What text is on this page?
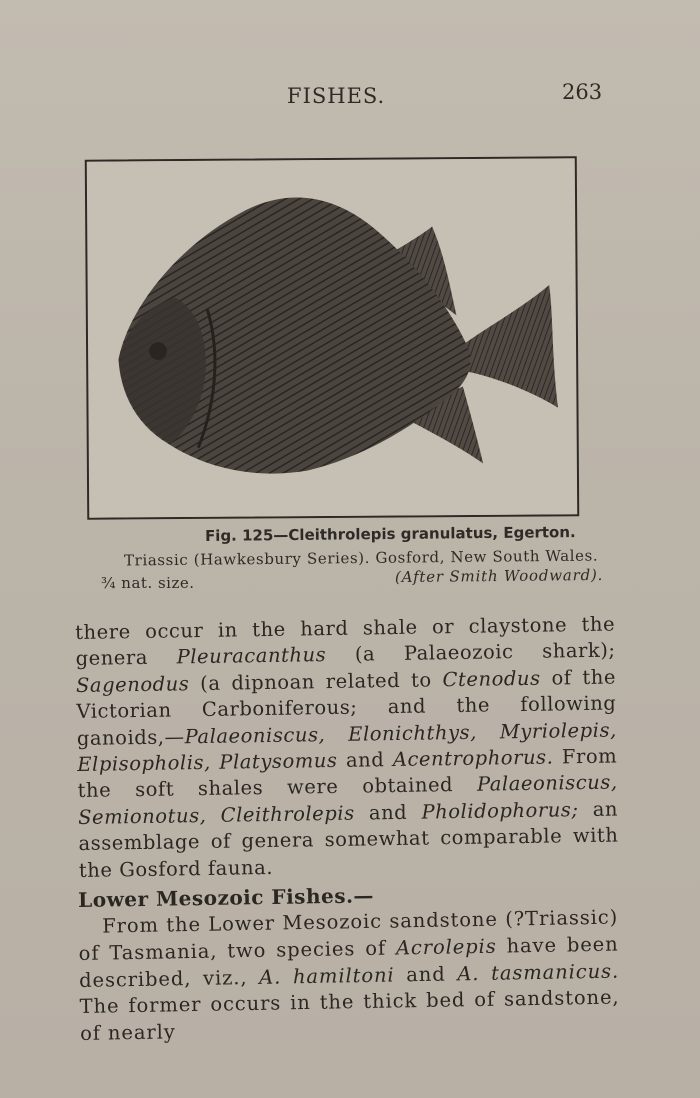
FISHES.	263
Fig. 125—Cleithrolepis granulatus, Egerton.
Triassic (Hawkesbury Series). Gosford, New South Wales.
¾ nat. size.	(After Smith Woodward).

there occur in the hard shale or claystone the genera Pleuracanthus (a Palaeozoic shark); Sagenodus (a dipnoan related to Ctenodus of the Victorian Carboniferous; and the following ganoids,—Palaeoniscus, Elonichthys, Myriolepis, Elpisopholis, Platysomus and Acentrophorus. From the soft shales were obtained Palaeoniscus, Semionotus, Cleithrolepis and Pholidophorus; an assemblage of genera somewhat comparable with the Gosford fauna.

Lower Mesozoic Fishes.—

From the Lower Mesozoic sandstone (?Triassic) of Tasmania, two species of Acrolepis have been described, viz., A. hamiltoni and A. tasmanicus. The former occurs in the thick bed of sandstone, of nearly
